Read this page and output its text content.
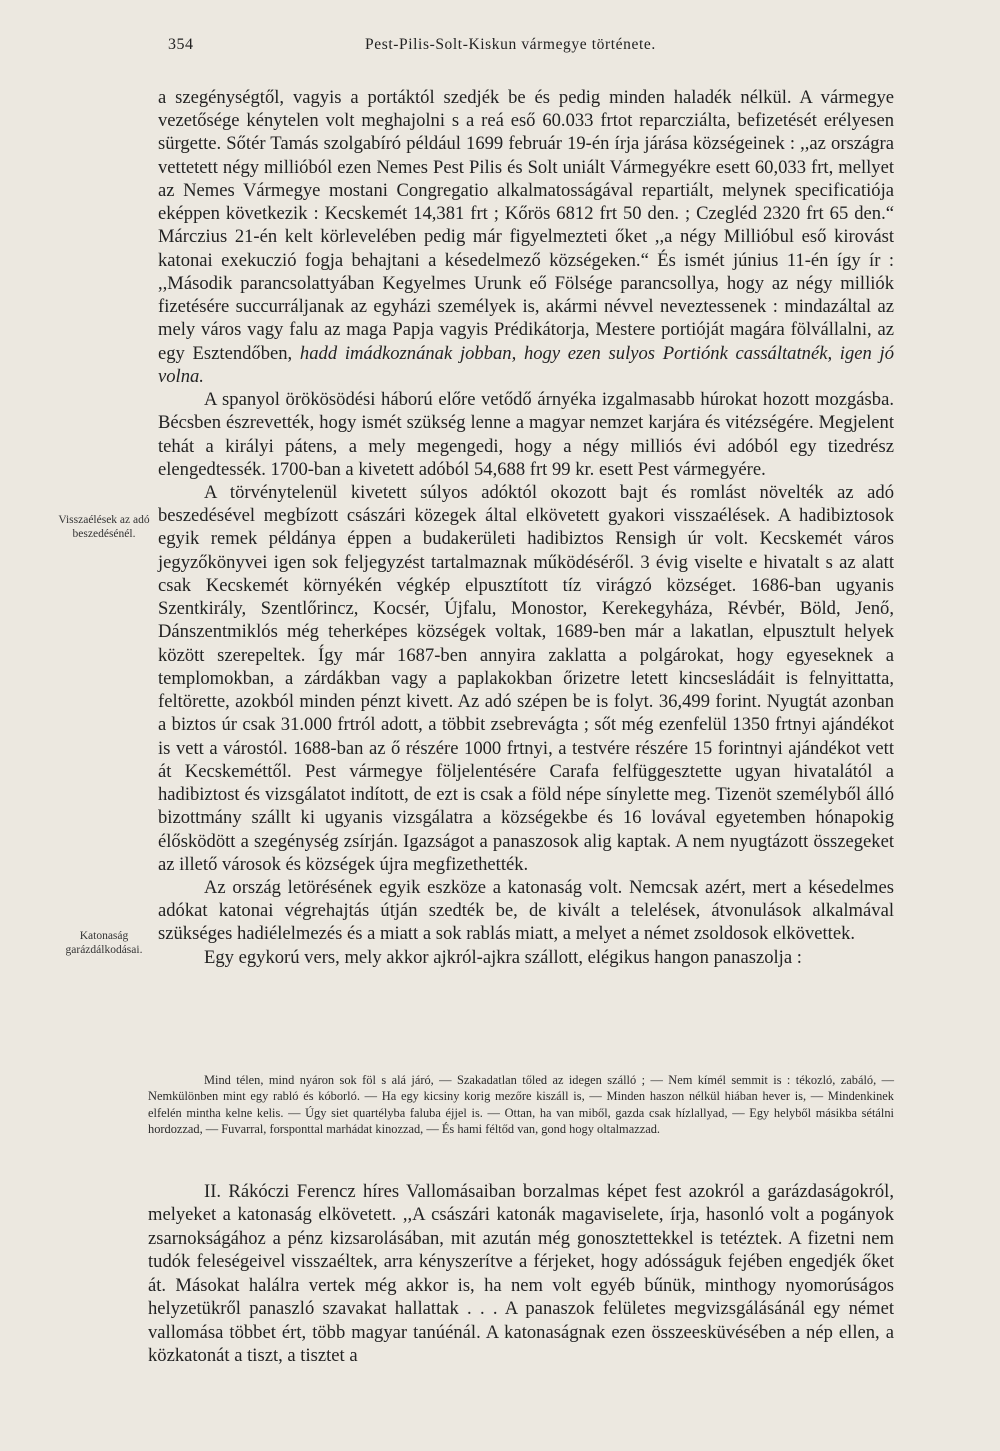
354	Pest-Pilis-Solt-Kiskun vármegye története.
Visszaélések az adó beszedésénél.
Katonaság garázdálkodásai.

a szegénységtől, vagyis a portáktól szedjék be és pedig minden haladék nélkül. A vármegye vezetősége kénytelen volt meghajolni s a reá eső 60.033 frtot reparcziálta, befizetését erélyesen sürgette. Sőtér Tamás szolgabíró például 1699 február 19-én írja járása községeinek : ,,az országra vettetett négy millióból ezen Nemes Pest Pilis és Solt uniált Vármegyékre esett 60,033 frt, mellyet az Nemes Vármegye mostani Congregatio alkalmatosságával repartiált, melynek specificatiója eképpen következik : Kecskemét 14,381 frt ; Kőrös 6812 frt 50 den. ; Czegléd 2320 frt 65 den.“ Márczius 21-én kelt körlevelében pedig már figyelmezteti őket ,,a négy Millióbul eső kirovást katonai exekuczió fogja behajtani a késedelmező községeken.“ És ismét június 11-én így ír : ,,Második parancsolattyában Kegyelmes Urunk eő Fölsége parancsollya, hogy az négy milliók fizetésére succurráljanak az egyházi személyek is, akármi névvel neveztessenek : mindazáltal az mely város vagy falu az maga Papja vagyis Prédikátorja, Mestere portióját magára fölvállalni, az egy Esztendőben, hadd imádkoznának jobban, hogy ezen sulyos Portiónk cassáltatnék, igen jó volna.

A spanyol örökösödési háború előre vetődő árnyéka izgalmasabb húrokat hozott mozgásba. Bécsben észrevették, hogy ismét szükség lenne a magyar nemzet karjára és vitézségére. Megjelent tehát a királyi pátens, a mely megengedi, hogy a négy milliós évi adóból egy tizedrész elengedtessék. 1700-ban a kivetett adóból 54,688 frt 99 kr. esett Pest vármegyére.

A törvénytelenül kivetett súlyos adóktól okozott bajt és romlást növelték az adó beszedésével megbízott császári közegek által elkövetett gyakori visszaélések. A hadibiztosok egyik remek példánya éppen a budakerületi hadibiztos Rensigh úr volt. Kecskemét város jegyzőkönyvei igen sok feljegyzést tartalmaznak működéséről. 3 évig viselte e hivatalt s az alatt csak Kecskemét környékén végkép elpusztított tíz virágzó községet. 1686-ban ugyanis Szentkirály, Szentlőrincz, Kocsér, Újfalu, Monostor, Kerekegyháza, Révbér, Böld, Jenő, Dánszentmiklós még teherképes községek voltak, 1689-ben már a lakatlan, elpusztult helyek között szerepeltek. Így már 1687-ben annyira zaklatta a polgárokat, hogy egyeseknek a templomokban, a zárdákban vagy a paplakokban őrizetre letett kincsesládáit is felnyittatta, feltörette, azokból minden pénzt kivett. Az adó szépen be is folyt. 36,499 forint. Nyugtát azonban a biztos úr csak 31.000 frtról adott, a többit zsebrevágta ; sőt még ezenfelül 1350 frtnyi ajándékot is vett a várostól. 1688-ban az ő részére 1000 frtnyi, a testvére részére 15 forintnyi ajándékot vett át Kecskeméttől. Pest vármegye följelentésére Carafa felfüggesztette ugyan hivatalától a hadibiztost és vizsgálatot indított, de ezt is csak a föld népe sínylette meg. Tizenöt személyből álló bizottmány szállt ki ugyanis vizsgálatra a községekbe és 16 lovával egyetemben hónapokig élősködött a szegénység zsírján. Igazságot a panaszosok alig kaptak. A nem nyugtázott összegeket az illető városok és községek újra megfizethették.

Az ország letörésének egyik eszköze a katonaság volt. Nemcsak azért, mert a késedelmes adókat katonai végrehajtás útján szedték be, de kivált a telelések, átvonulások alkalmával szükséges hadiélelmezés és a miatt a sok rablás miatt, a melyet a német zsoldosok elkövettek.

Egy egykorú vers, mely akkor ajkról-ajkra szállott, elégikus hangon panaszolja :

Mind télen, mind nyáron sok föl s alá járó, — Szakadatlan tőled az idegen szálló ; — Nem kímél semmit is : tékozló, zabáló, — Nemkülönben mint egy rabló és kóborló. — Ha egy kicsiny korig mezőre kiszáll is, — Minden haszon nélkül hiában hever is, — Mindenkinek elfelén mintha kelne kelis. — Úgy siet quartélyba faluba éjjel is. — Ottan, ha van miből, gazda csak hízlallyad, — Egy helyből másikba sétálni hordozzad, — Fuvarral, forsponttal marhádat kinozzad, — És hami féltőd van, gond hogy oltalmazzad.

II. Rákóczi Ferencz híres Vallomásaiban borzalmas képet fest azokról a garázdaságokról, melyeket a katonaság elkövetett. ,,A császári katonák magaviselete, írja, hasonló volt a pogányok zsarnokságához a pénz kizsarolásában, mit azután még gonosztettekkel is tetéztek. A fizetni nem tudók feleségeivel visszaéltek, arra kényszerítve a férjeket, hogy adósságuk fejében engedjék őket át. Másokat halálra vertek még akkor is, ha nem volt egyéb bűnük, minthogy nyomorúságos helyzetükről panaszló szavakat hallattak . . . A panaszok felületes megvizsgálásánál egy német vallomása többet ért, több magyar tanúénál. A katonaságnak ezen összeesküvésében a nép ellen, a közkatonát a tiszt, a tisztet a
